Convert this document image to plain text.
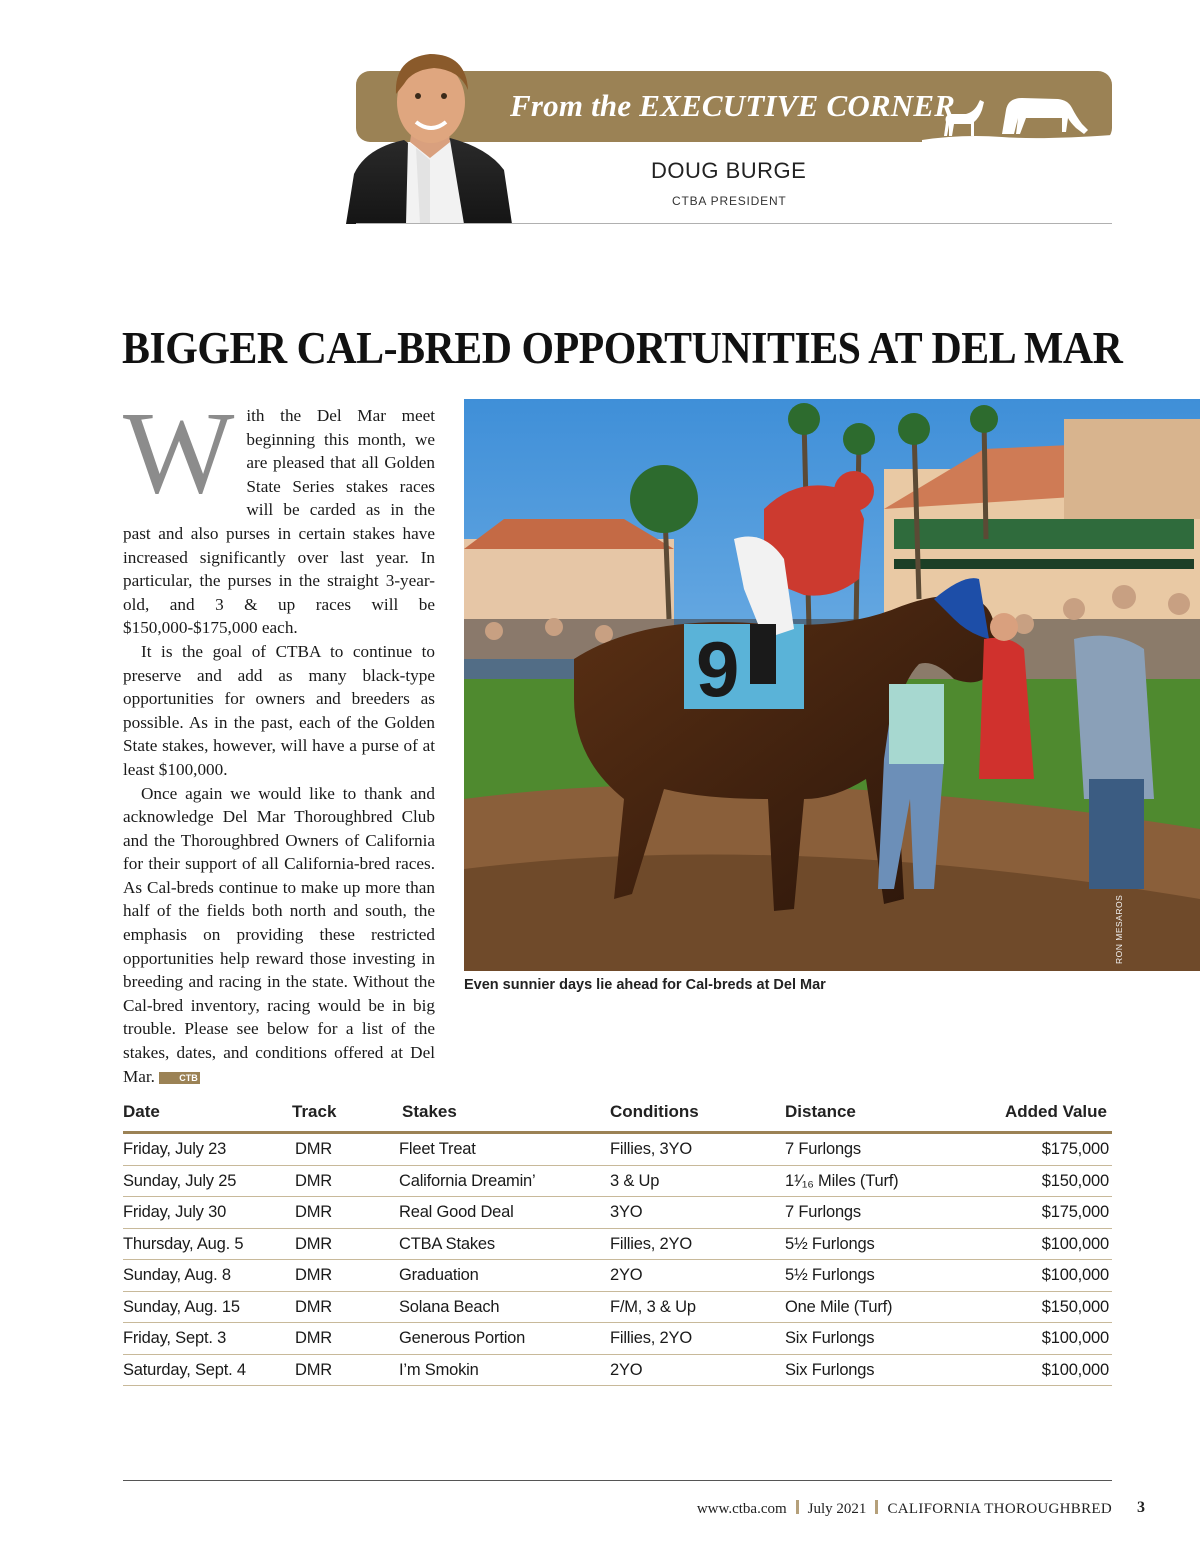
From the EXECUTIVE CORNER
DOUG BURGE
CTBA PRESIDENT
BIGGER CAL-BRED OPPORTUNITIES AT DEL MAR

With the Del Mar meet beginning this month, we are pleased that all Golden State Series stakes races will be carded as in the past and also purses in certain stakes have increased significantly over last year. In particular, the purses in the straight 3-year-old, and 3 & up races will be $150,000-$175,000 each.

It is the goal of CTBA to continue to preserve and add as many black-type opportunities for owners and breeders as possible. As in the past, each of the Golden State stakes, however, will have a purse of at least $100,000.

Once again we would like to thank and acknowledge Del Mar Thoroughbred Club and the Thoroughbred Owners of California for their support of all California-bred races. As Cal-breds continue to make up more than half of the fields both north and south, the emphasis on providing these restricted opportunities help reward those investing in breeding and racing in the state. Without the Cal-bred inventory, racing would be in big trouble. Please see below for a list of the stakes, dates, and conditions offered at Del Mar.	CTB

9
RON MESAROS
Even sunnier days lie ahead for Cal-breds at Del Mar
Date	Track	Stakes	Conditions	Distance	Added Value
Friday, July 23	DMR	Fleet Treat	Fillies, 3YO	7 Furlongs	$175,000
Sunday, July 25	DMR	California Dreamin’	3 & Up	1¹⁄₁₆ Miles (Turf)	$150,000
Friday, July 30	DMR	Real Good Deal	3YO	7 Furlongs	$175,000
Thursday, Aug. 5	DMR	CTBA Stakes	Fillies, 2YO	5½ Furlongs	$100,000
Sunday, Aug. 8	DMR	Graduation	2YO	5½ Furlongs	$100,000
Sunday, Aug. 15	DMR	Solana Beach	F/M, 3 & Up	One Mile (Turf)	$150,000
Friday, Sept. 3	DMR	Generous Portion	Fillies, 2YO	Six Furlongs	$100,000
Saturday, Sept. 4	DMR	I’m Smokin	2YO	Six Furlongs	$100,000
www.ctba.com July 2021 CALIFORNIA THOROUGHBRED 3
